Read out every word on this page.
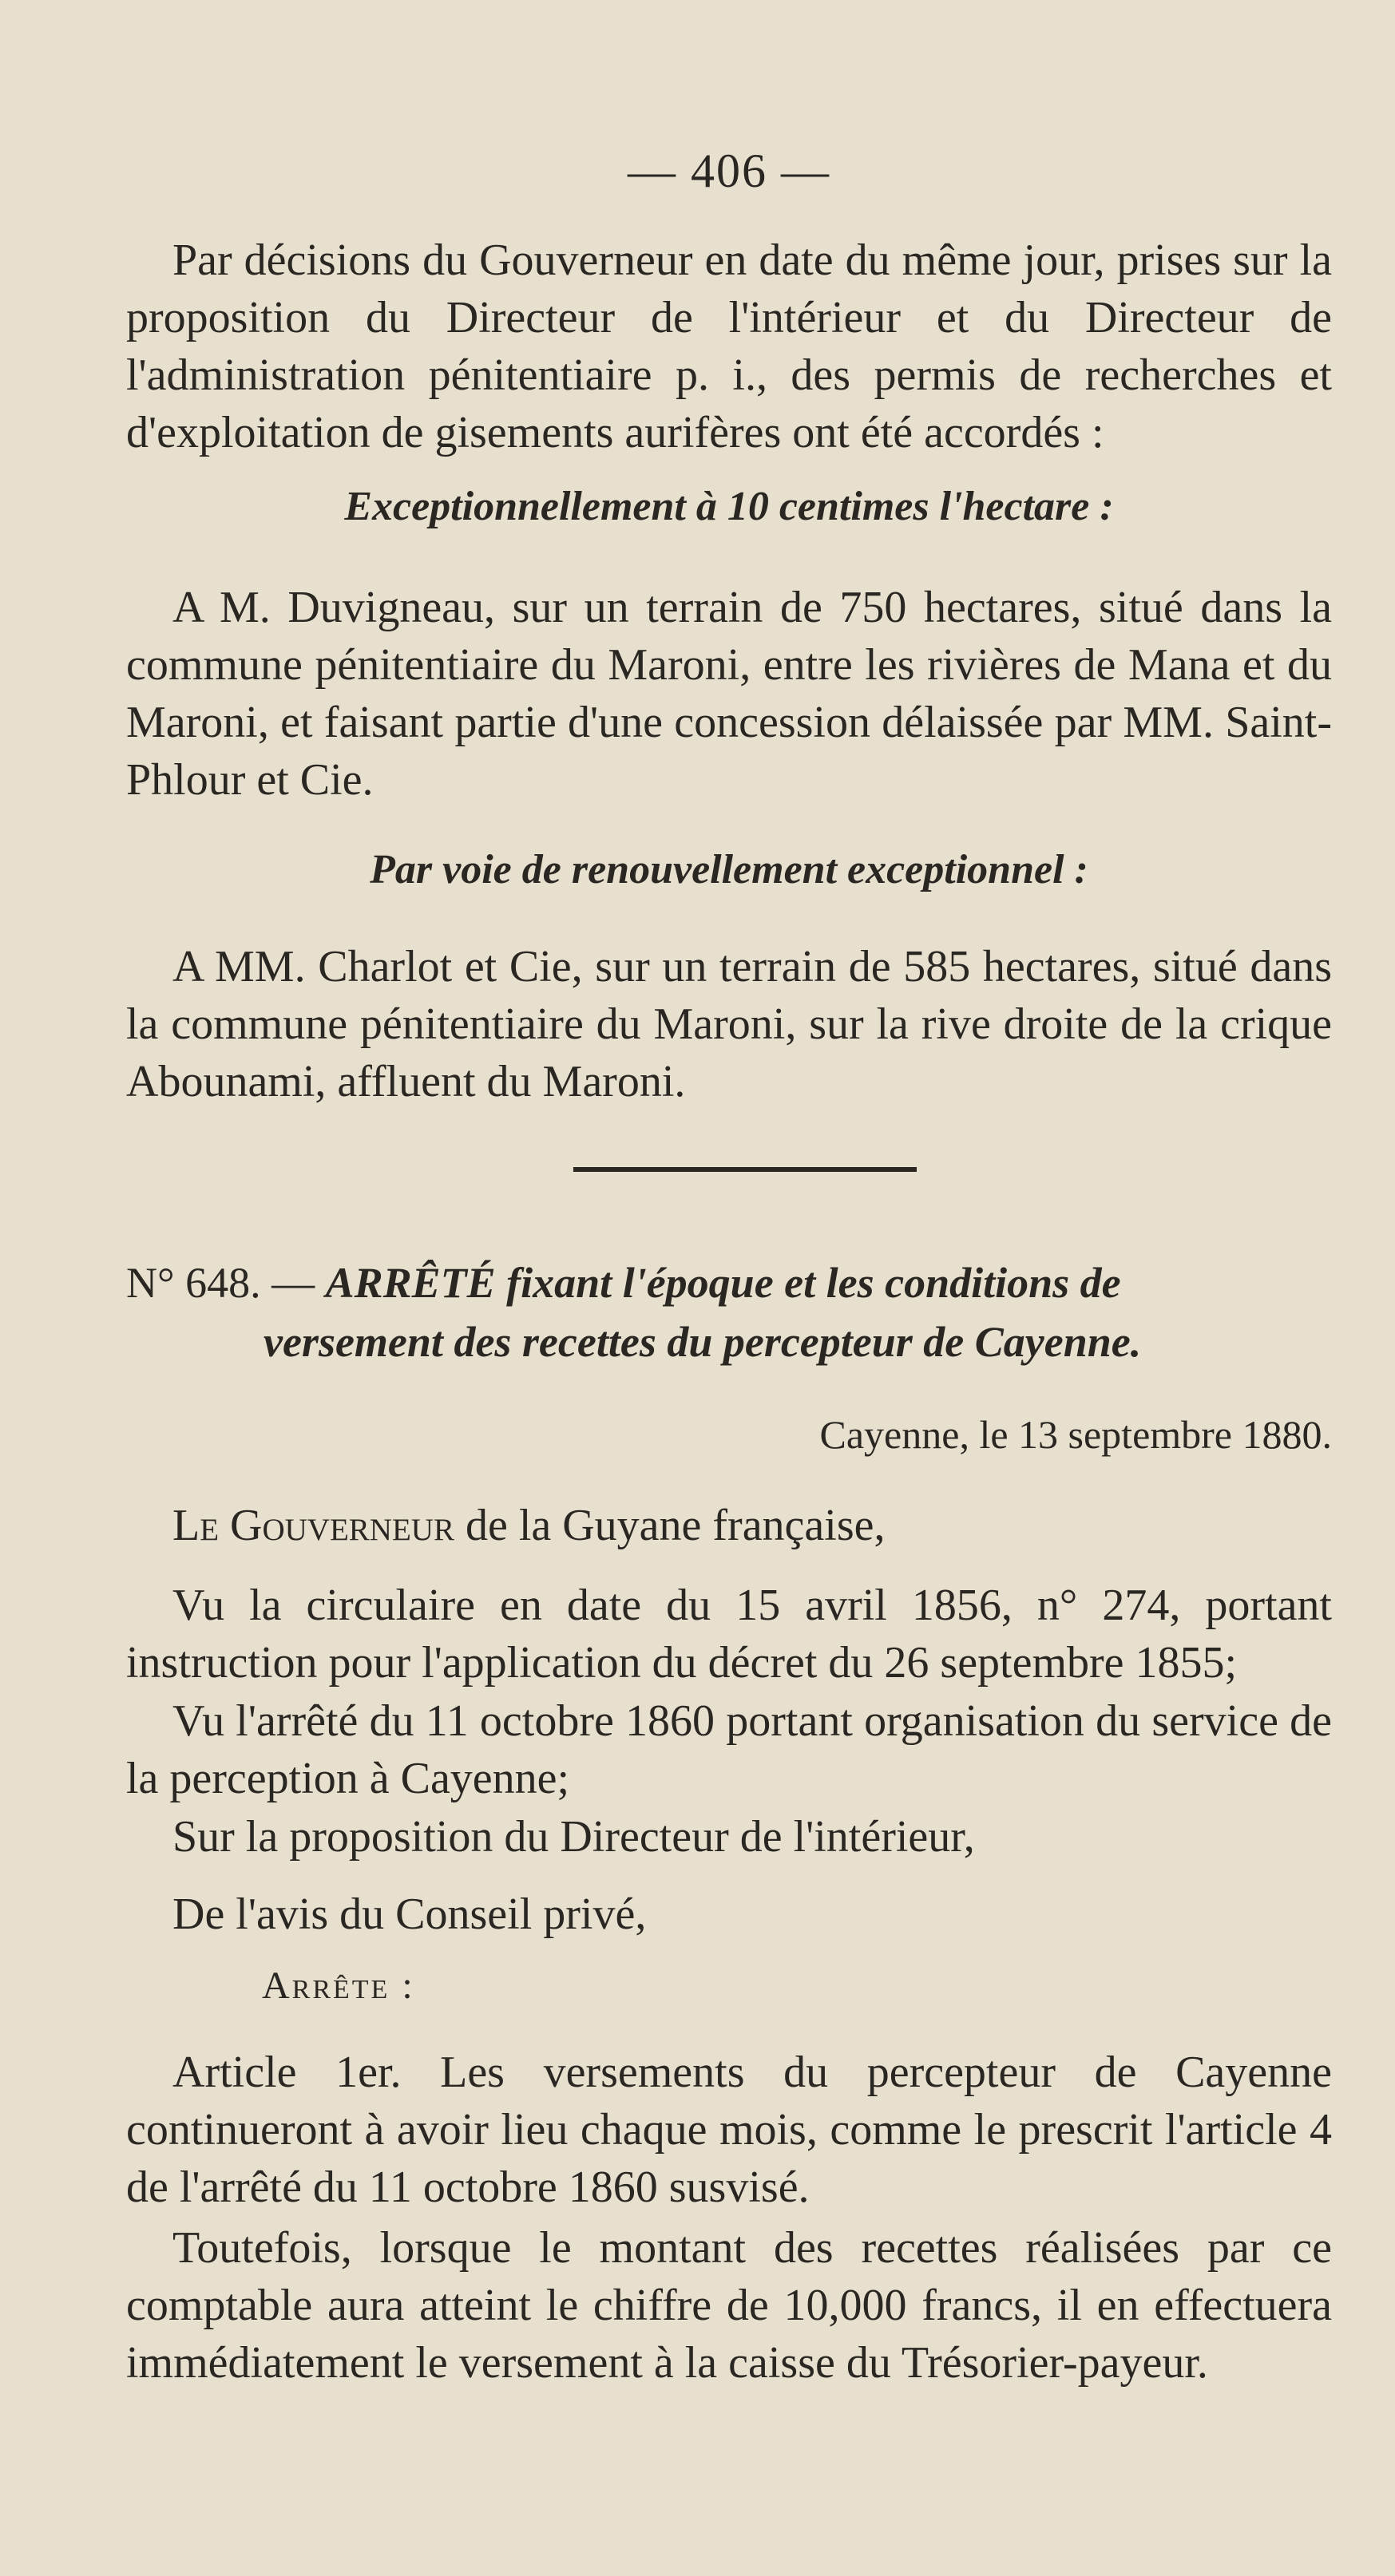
— 406 —

Par décisions du Gouverneur en date du même jour, prises sur la proposition du Directeur de l'intérieur et du Directeur de l'administration pénitentiaire p. i., des permis de recherches et d'exploitation de gisements aurifères ont été accordés :

Exceptionnellement à 10 centimes l'hectare :

A M. Duvigneau, sur un terrain de 750 hectares, situé dans la commune pénitentiaire du Maroni, entre les rivières de Mana et du Maroni, et faisant partie d'une concession délaissée par MM. Saint-Phlour et Cie.

Par voie de renouvellement exceptionnel :

A MM. Charlot et Cie, sur un terrain de 585 hectares, situé dans la commune pénitentiaire du Maroni, sur la rive droite de la crique Abounami, affluent du Maroni.

N° 648. — ARRÊTÉ fixant l'époque et les conditions de
versement des recettes du percepteur de Cayenne.

Cayenne, le 13 septembre 1880.

Le Gouverneur de la Guyane française,

Vu la circulaire en date du 15 avril 1856, n° 274, portant instruction pour l'application du décret du 26 septembre 1855;

Vu l'arrêté du 11 octobre 1860 portant organisation du service de la perception à Cayenne;

Sur la proposition du Directeur de l'intérieur,

De l'avis du Conseil privé,

Arrête :

Article 1er. Les versements du percepteur de Cayenne continueront à avoir lieu chaque mois, comme le prescrit l'article 4 de l'arrêté du 11 octobre 1860 susvisé.

Toutefois, lorsque le montant des recettes réalisées par ce comptable aura atteint le chiffre de 10,000 francs, il en effectuera immédiatement le versement à la caisse du Trésorier-payeur.
